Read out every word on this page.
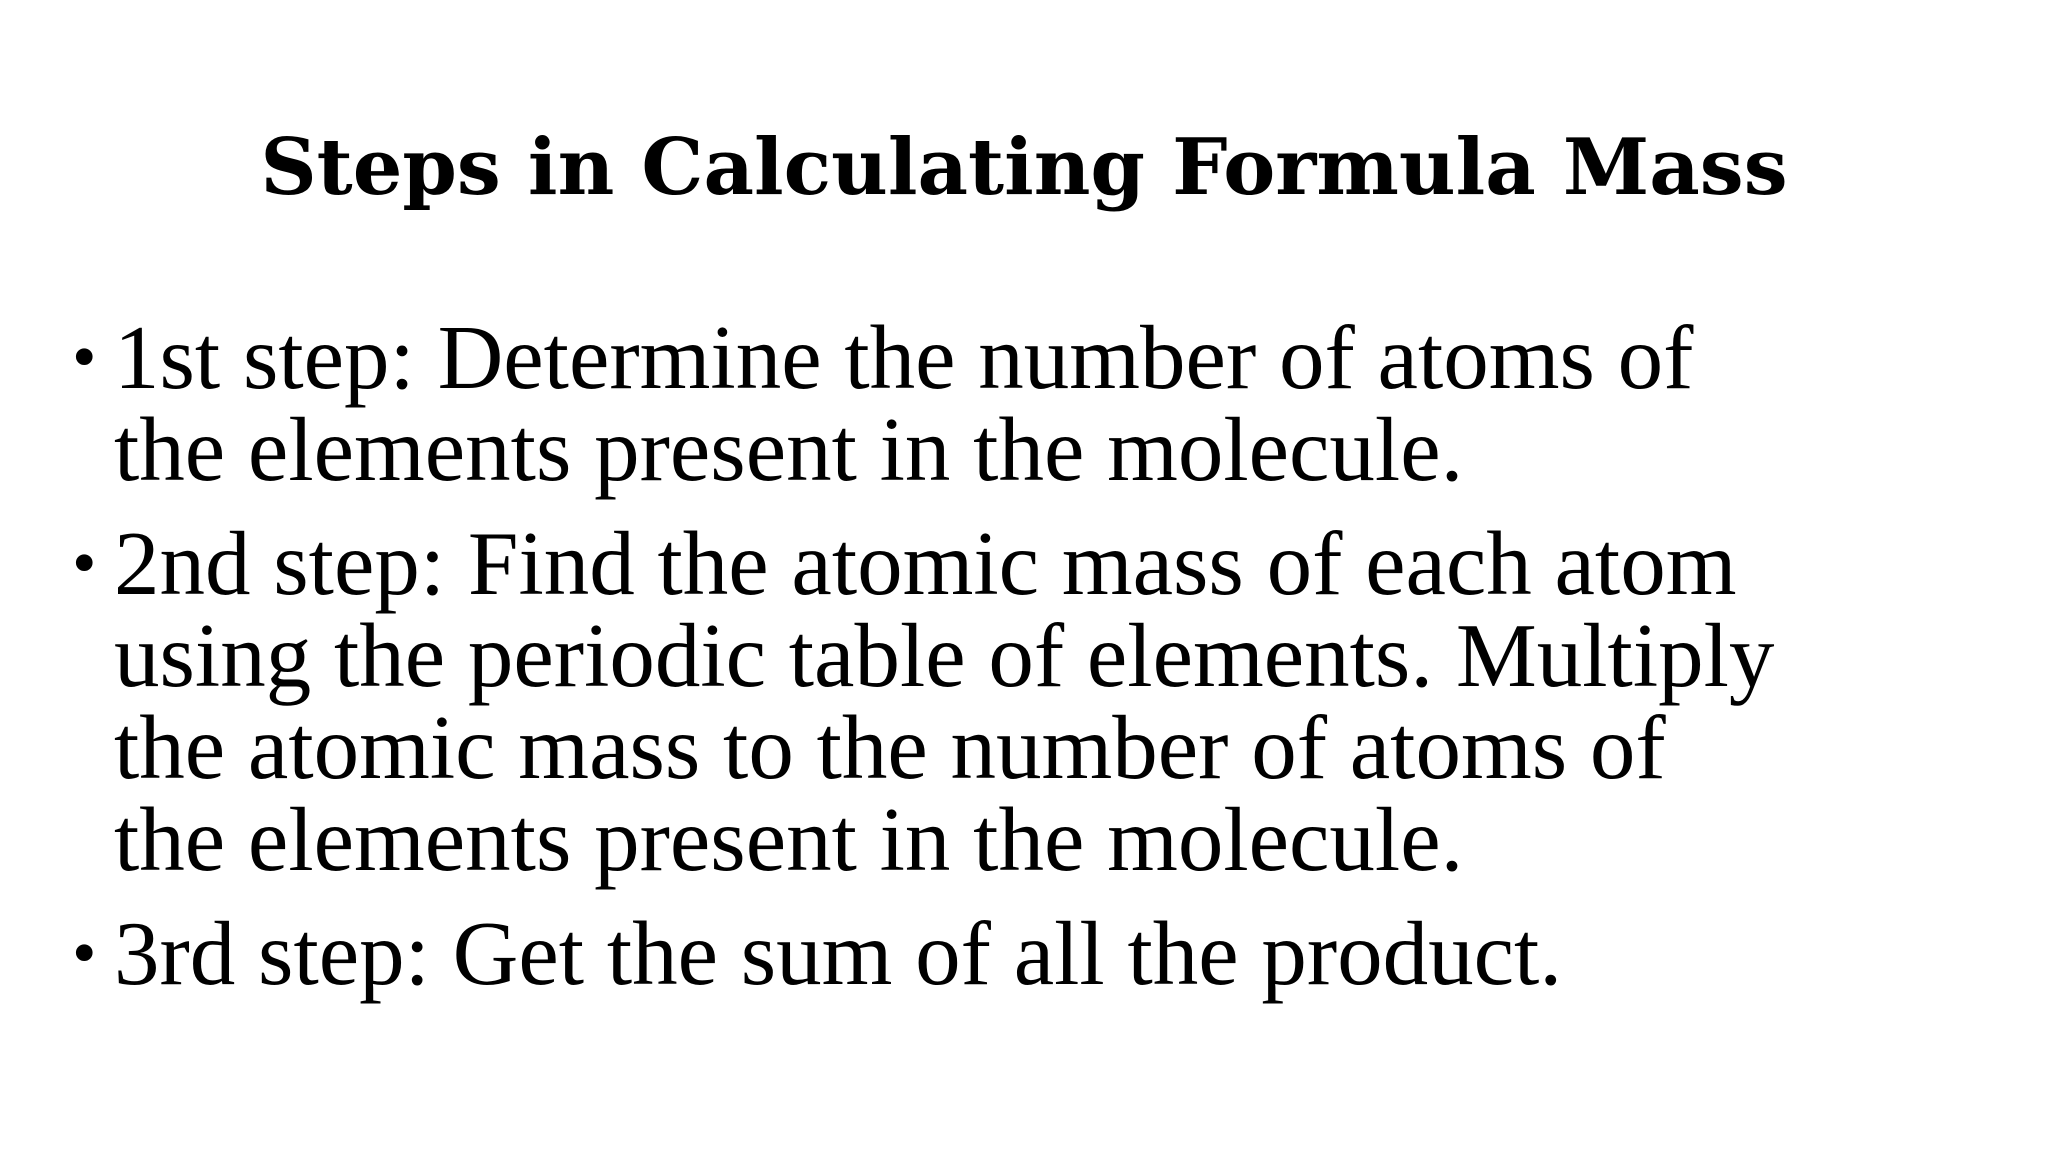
Steps in Calculating Formula Mass
• 1st step: Determine the number of atoms of
the elements present in the molecule.
• 2nd step: Find the atomic mass of each atom
using the periodic table of elements. Multiply
the atomic mass to the number of atoms of
the elements present in the molecule.
• 3rd step: Get the sum of all the product.
